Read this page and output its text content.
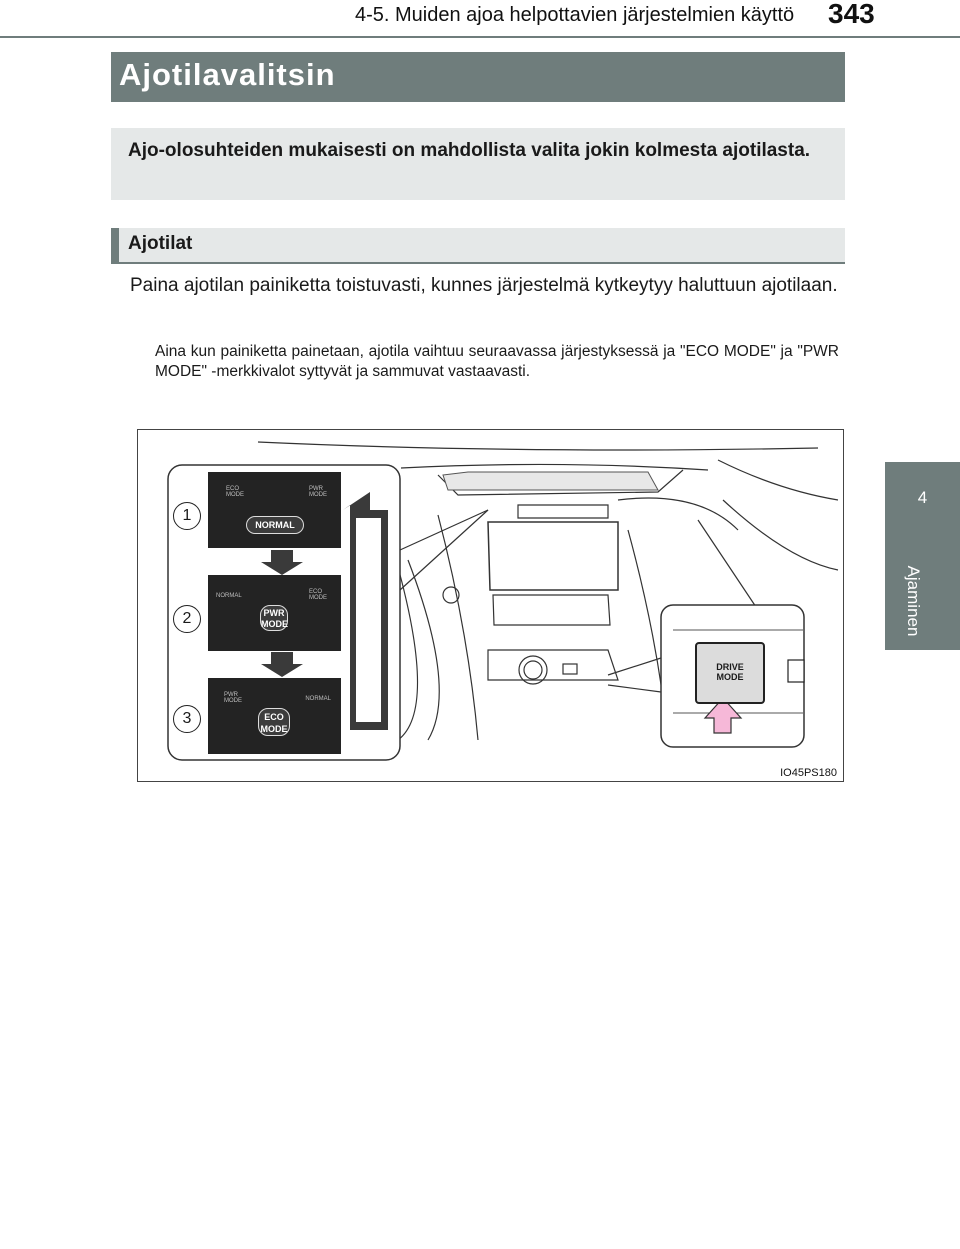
4-5. Muiden ajoa helpottavien järjestelmien käyttö 343
4
Ajaminen
Ajotilavalitsin

Ajo-olosuhteiden mukaisesti on mahdollista valita jokin kolmesta ajotilasta.

Ajotilat

Paina ajotilan painiketta toistuvasti, kunnes järjestelmä kytkeytyy haluttuun ajotilaan.

Aina kun painiketta painetaan, ajotila vaihtuu seuraavassa järjestyksessä ja "ECO MODE" ja "PWR MODE" -merkkivalot syttyvät ja sammuvat vastaavasti.

ECO
MODE
PWR
MODE
NORMAL
NORMAL
ECO
MODE
PWR
MODE
PWR
MODE	NORMAL
ECO
MODE
1
2
3
DRIVE
MODE
IO45PS180
